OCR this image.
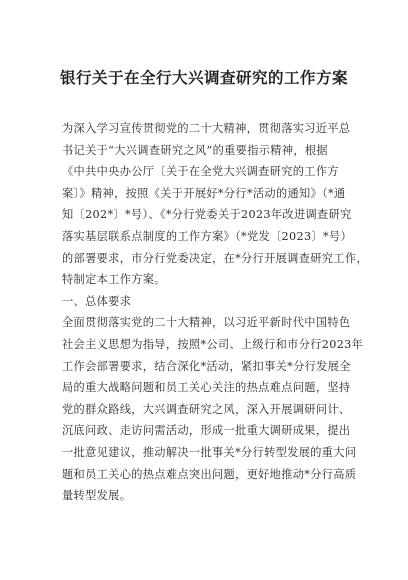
银行关于在全行大兴调查研究的工作方案
为深入学习宣传贯彻党的二十大精神，贯彻落实习近平总
书记关于“大兴调查研究之风”的重要指示精神，根据
《中共中央办公厅〔关于在全党大兴调查研究的工作方
案〕》精神，按照《关于开展好*分行*活动的通知》（*通
知〔202*〕*号）、《*分行党委关于2023年改进调查研究
落实基层联系点制度的工作方案》（*党发〔2023〕*号）
的部署要求，市分行党委决定，在*分行开展调查研究工作，
特制定本工作方案。
一、总体要求
全面贯彻落实党的二十大精神，以习近平新时代中国特色
社会主义思想为指导，按照*公司、上级行和市分行2023年
工作会部署要求，结合深化*活动，紧扣事关*分行发展全
局的重大战略问题和员工关心关注的热点难点问题，坚持
党的群众路线，大兴调查研究之风，深入开展调研问计、
沉底问政、走访问需活动，形成一批重大调研成果，提出
一批意见建议，推动解决一批事关*分行转型发展的重大问
题和员工关心的热点难点突出问题，更好地推动*分行高质
量转型发展。
